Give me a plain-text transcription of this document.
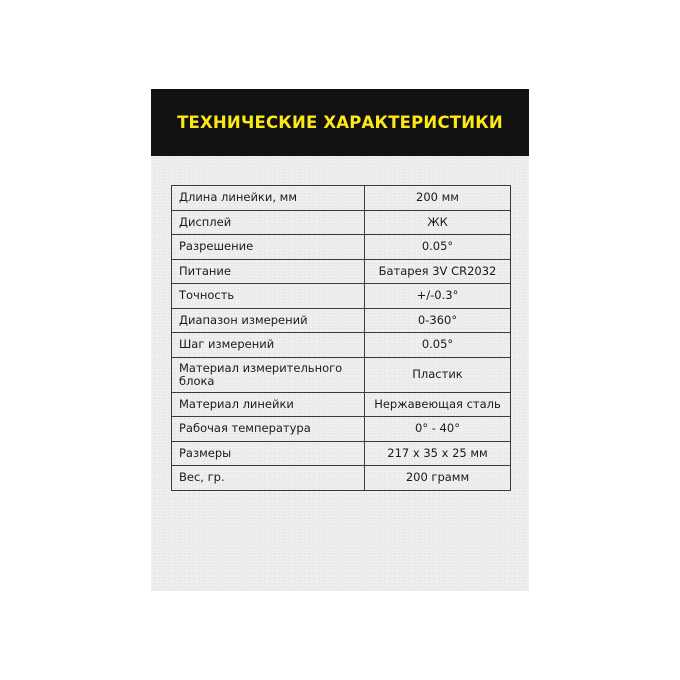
ТЕХНИЧЕСКИЕ ХАРАКТЕРИСТИКИ
Длина линейки, мм	200 мм
Дисплей	ЖК
Разрешение	0.05°
Питание	Батарея 3V CR2032
Точность	+/-0.3°
Диапазон измерений	0-360°
Шаг измерений	0.05°
Материал измерительного блока	Пластик
Материал линейки	Нержавеющая сталь
Рабочая температура	0° - 40°
Размеры	217 x 35 x 25 мм
Вес, гр.	200 грамм
